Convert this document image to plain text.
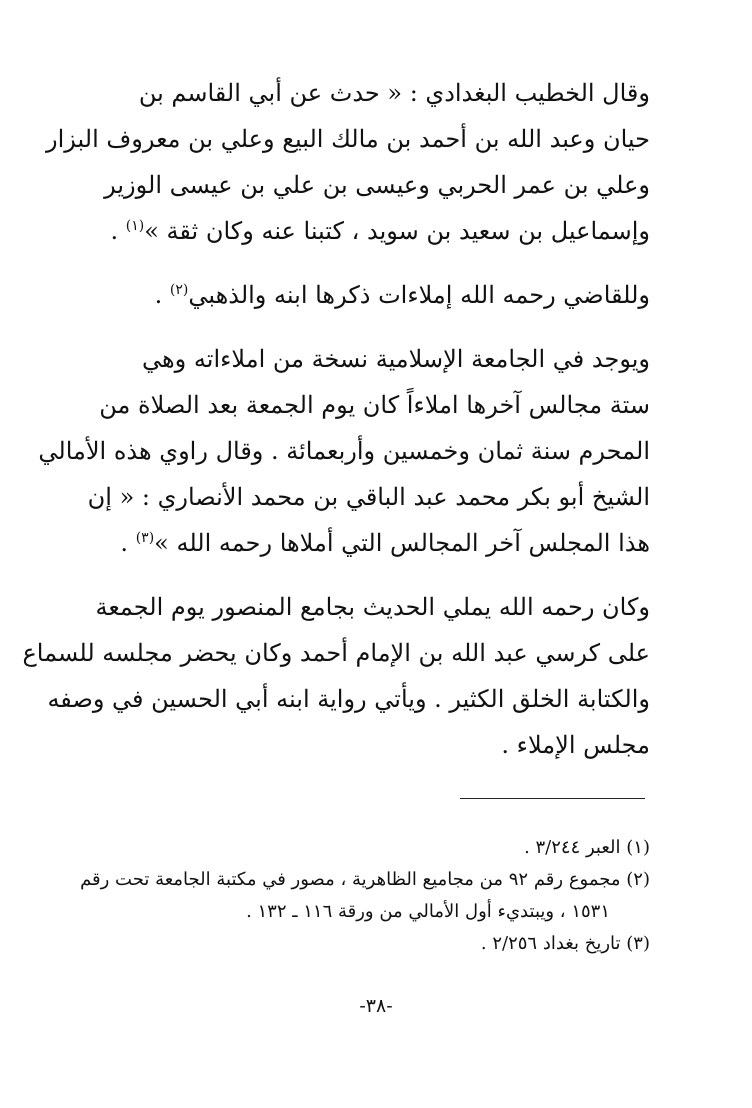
وقال الخطيب البغدادي : « حدث عن أبي القاسم بن
حيان وعبد الله بن أحمد بن مالك البيع وعلي بن معروف البزار
وعلي بن عمر الحربي وعيسى بن علي بن عيسى الوزير
وإسماعيل بن سعيد بن سويد ، كتبنا عنه وكان ثقة »$^{(١)}$ .

وللقاضي رحمه الله إملاءات ذكرها ابنه والذهبي$^{(٢)}$ .

ويوجد في الجامعة الإسلامية نسخة من املاءاته وهي
ستة مجالس آخرها املاءاً كان يوم الجمعة بعد الصلاة من
المحرم سنة ثمان وخمسين وأربعمائة . وقال راوي هذه الأمالي
الشيخ أبو بكر محمد عبد الباقي بن محمد الأنصاري : « إن
هذا المجلس آخر المجالس التي أملاها رحمه الله »$^{(٣)}$ .

وكان رحمه الله يملي الحديث بجامع المنصور يوم الجمعة
على كرسي عبد الله بن الإمام أحمد وكان يحضر مجلسه للسماع
والكتابة الخلق الكثير . ويأتي رواية ابنه أبي الحسين في وصفه
مجلس الإملاء .

(١) العبر ٣/٢٤٤ .
(٢) مجموع رقم ٩٢ من مجاميع الظاهرية ، مصور في مكتبة الجامعة تحت رقم
١٥٣١ ، ويبتديء أول الأمالي من ورقة ١١٦ ـ ١٣٢ .
(٣) تاريخ بغداد ٢/٢٥٦ .
-٣٨-
